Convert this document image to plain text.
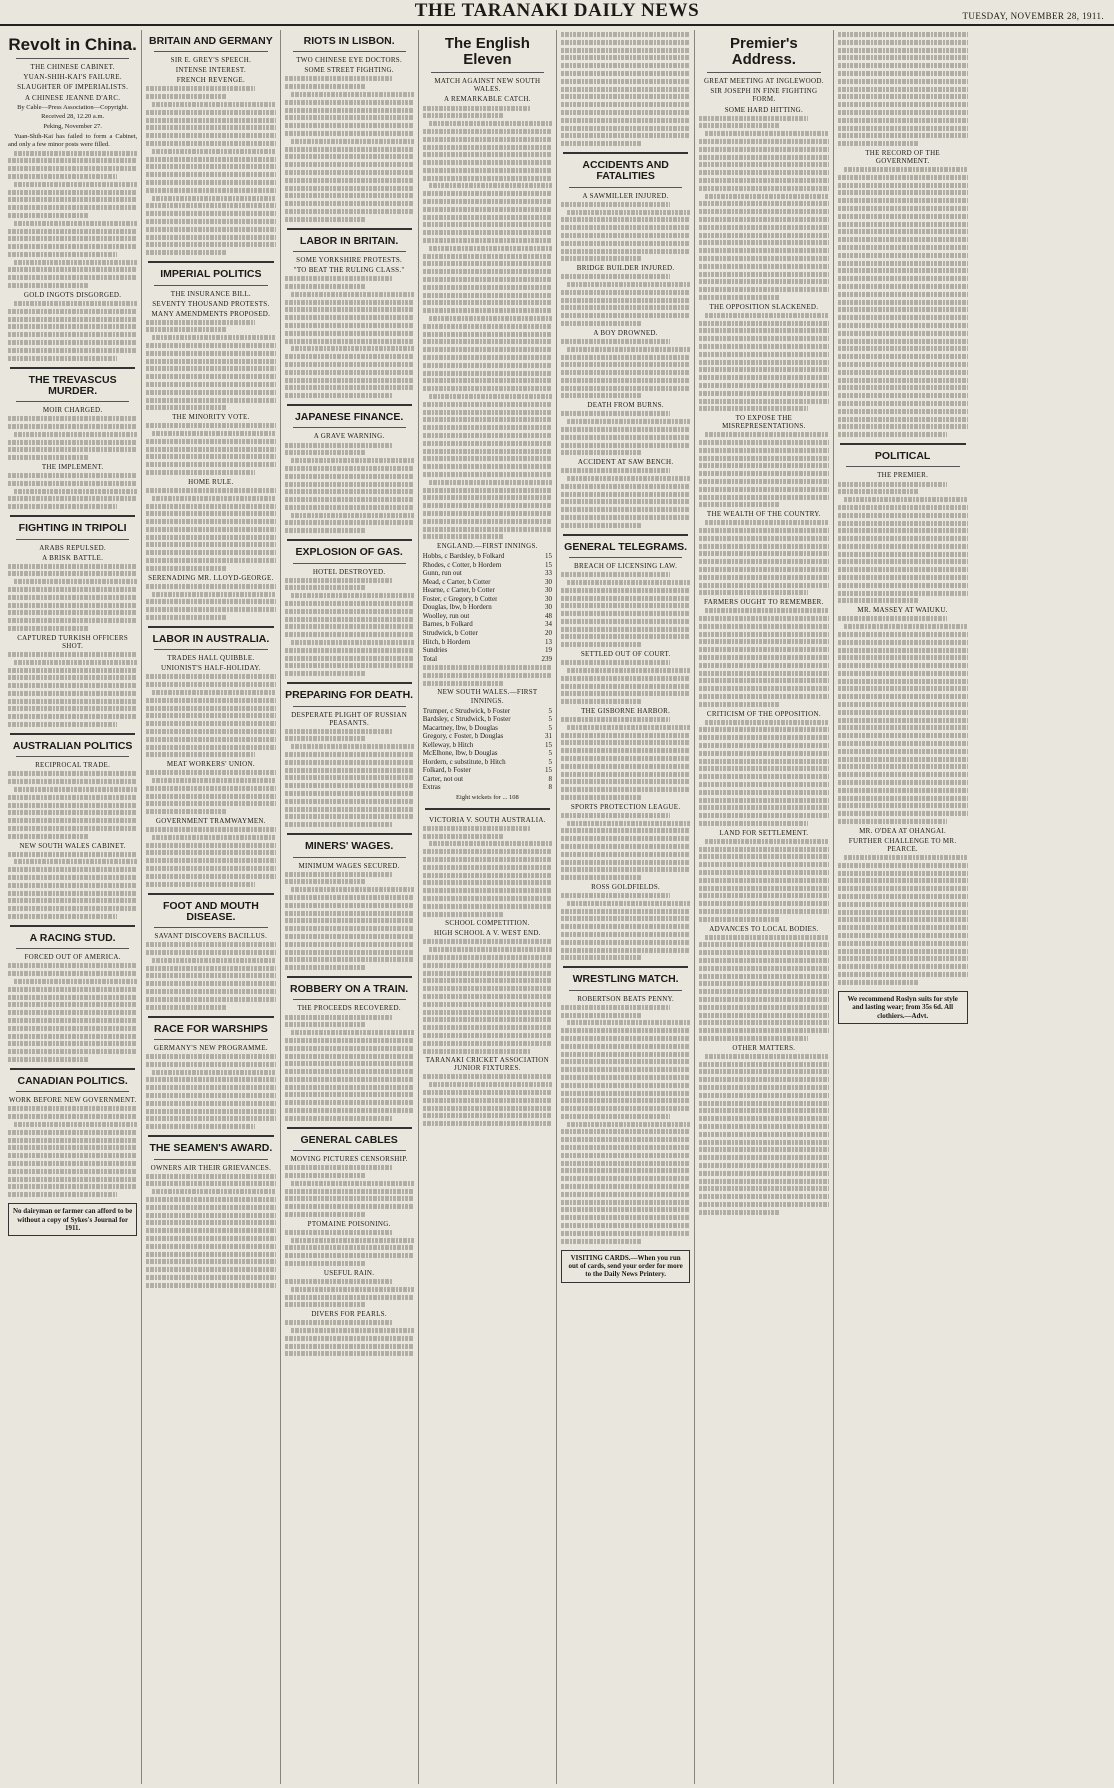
THE TARANAKI DAILY NEWS	TUESDAY, NOVEMBER 28, 1911.
Revolt in China.
THE CHINESE CABINET.
YUAN-SHIH-KAI'S FAILURE.
SLAUGHTER OF IMPERIALISTS.
A CHINESE JEANNE D'ARC.
By Cable—Press Association—Copyright.
Received 28, 12.20 a.m.
Peking, November 27.
Yuan-Shih-Kai has failed to form a Cabinet, and only a few minor posts were filled.
GOLD INGOTS DISGORGED.
THE TREVASCUS MURDER.
MOIR CHARGED.
THE IMPLEMENT.
FIGHTING IN TRIPOLI
ARABS REPULSED.
A BRISK BATTLE.
CAPTURED TURKISH OFFICERS SHOT.
AUSTRALIAN POLITICS
RECIPROCAL TRADE.
NEW SOUTH WALES CABINET.
A RACING STUD.
FORCED OUT OF AMERICA.
CANADIAN POLITICS.
WORK BEFORE NEW GOVERNMENT.
No dairyman or farmer can afford to be without a copy of Sykes's Journal for 1911.
BRITAIN AND GERMANY
SIR E. GREY'S SPEECH.
INTENSE INTEREST.
FRENCH REVENGE.
IMPERIAL POLITICS
THE INSURANCE BILL.
SEVENTY THOUSAND PROTESTS.
MANY AMENDMENTS PROPOSED.
THE MINORITY VOTE.
HOME RULE.
SERENADING MR. LLOYD-GEORGE.
LABOR IN AUSTRALIA.
TRADES HALL QUIBBLE.
UNIONIST'S HALF-HOLIDAY.
MEAT WORKERS' UNION.
GOVERNMENT TRAMWAYMEN.
FOOT AND MOUTH DISEASE.
SAVANT DISCOVERS BACILLUS.
RACE FOR WARSHIPS
GERMANY'S NEW PROGRAMME.
THE SEAMEN'S AWARD.
OWNERS AIR THEIR GRIEVANCES.
RIOTS IN LISBON.
TWO CHINESE EYE DOCTORS.
SOME STREET FIGHTING.
LABOR IN BRITAIN.
SOME YORKSHIRE PROTESTS.
"TO BEAT THE RULING CLASS."
JAPANESE FINANCE.
A GRAVE WARNING.
EXPLOSION OF GAS.
HOTEL DESTROYED.
PREPARING FOR DEATH.
DESPERATE PLIGHT OF RUSSIAN PEASANTS.
MINERS' WAGES.
MINIMUM WAGES SECURED.
ROBBERY ON A TRAIN.
THE PROCEEDS RECOVERED.
GENERAL CABLES
MOVING PICTURES CENSORSHIP.
PTOMAINE POISONING.
USEFUL RAIN.
DIVERS FOR PEARLS.
The English Eleven
MATCH AGAINST NEW SOUTH WALES.
A REMARKABLE CATCH.
ENGLAND.—FIRST INNINGS.
Hobbs, c Bardsley, b Folkard	15
Rhodes, c Cotter, b Hordern	15
Gunn, run out	33
Mead, c Carter, b Cotter	30
Hearne, c Carter, b Cotter	30
Foster, c Gregory, b Cotter	30
Douglas, lbw, b Hordern	30
Woolley, run out	48
Barnes, b Folkard	34
Strudwick, b Cotter	20
Hitch, b Hordern	13
Sundries	19
Total	239
NEW SOUTH WALES.—FIRST INNINGS.
Trumper, c Strudwick, b Foster	5
Bardsley, c Strudwick, b Foster	5
Macartney, lbw, b Douglas	5
Gregory, c Foster, b Douglas	31
Kelleway, b Hitch	15
McElhone, lbw, b Douglas	5
Hordern, c substitute, b Hitch	5
Folkard, b Foster	15
Carter, not out	8
Extras	8
Eight wickets for ... 108
VICTORIA V. SOUTH AUSTRALIA.
SCHOOL COMPETITION.
HIGH SCHOOL A V. WEST END.
TARANAKI CRICKET ASSOCIATION JUNIOR FIXTURES.
ACCIDENTS AND FATALITIES
A SAWMILLER INJURED.
BRIDGE BUILDER INJURED.
A BOY DROWNED.
DEATH FROM BURNS.
ACCIDENT AT SAW BENCH.
GENERAL TELEGRAMS.
BREACH OF LICENSING LAW.
SETTLED OUT OF COURT.
THE GISBORNE HARBOR.
SPORTS PROTECTION LEAGUE.
ROSS GOLDFIELDS.
WRESTLING MATCH.
ROBERTSON BEATS PENNY.
VISITING CARDS.—When you run out of cards, send your order for more to the Daily News Printery.
Premier's Address.
GREAT MEETING AT INGLEWOOD.
SIR JOSEPH IN FINE FIGHTING FORM.
SOME HARD HITTING.
THE OPPOSITION SLACKENED.
TO EXPOSE THE MISREPRESENTATIONS.
THE WEALTH OF THE COUNTRY.
FARMERS OUGHT TO REMEMBER.
CRITICISM OF THE OPPOSITION.
LAND FOR SETTLEMENT.
ADVANCES TO LOCAL BODIES.
OTHER MATTERS.
THE RECORD OF THE GOVERNMENT.
POLITICAL
THE PREMIER.
MR. MASSEY AT WAIUKU.
MR. O'DEA AT OHANGAI.
FURTHER CHALLENGE TO MR. PEARCE.
We recommend Roslyn suits for style and lasting wear; from 35s 6d. All clothiers.—Advt.
